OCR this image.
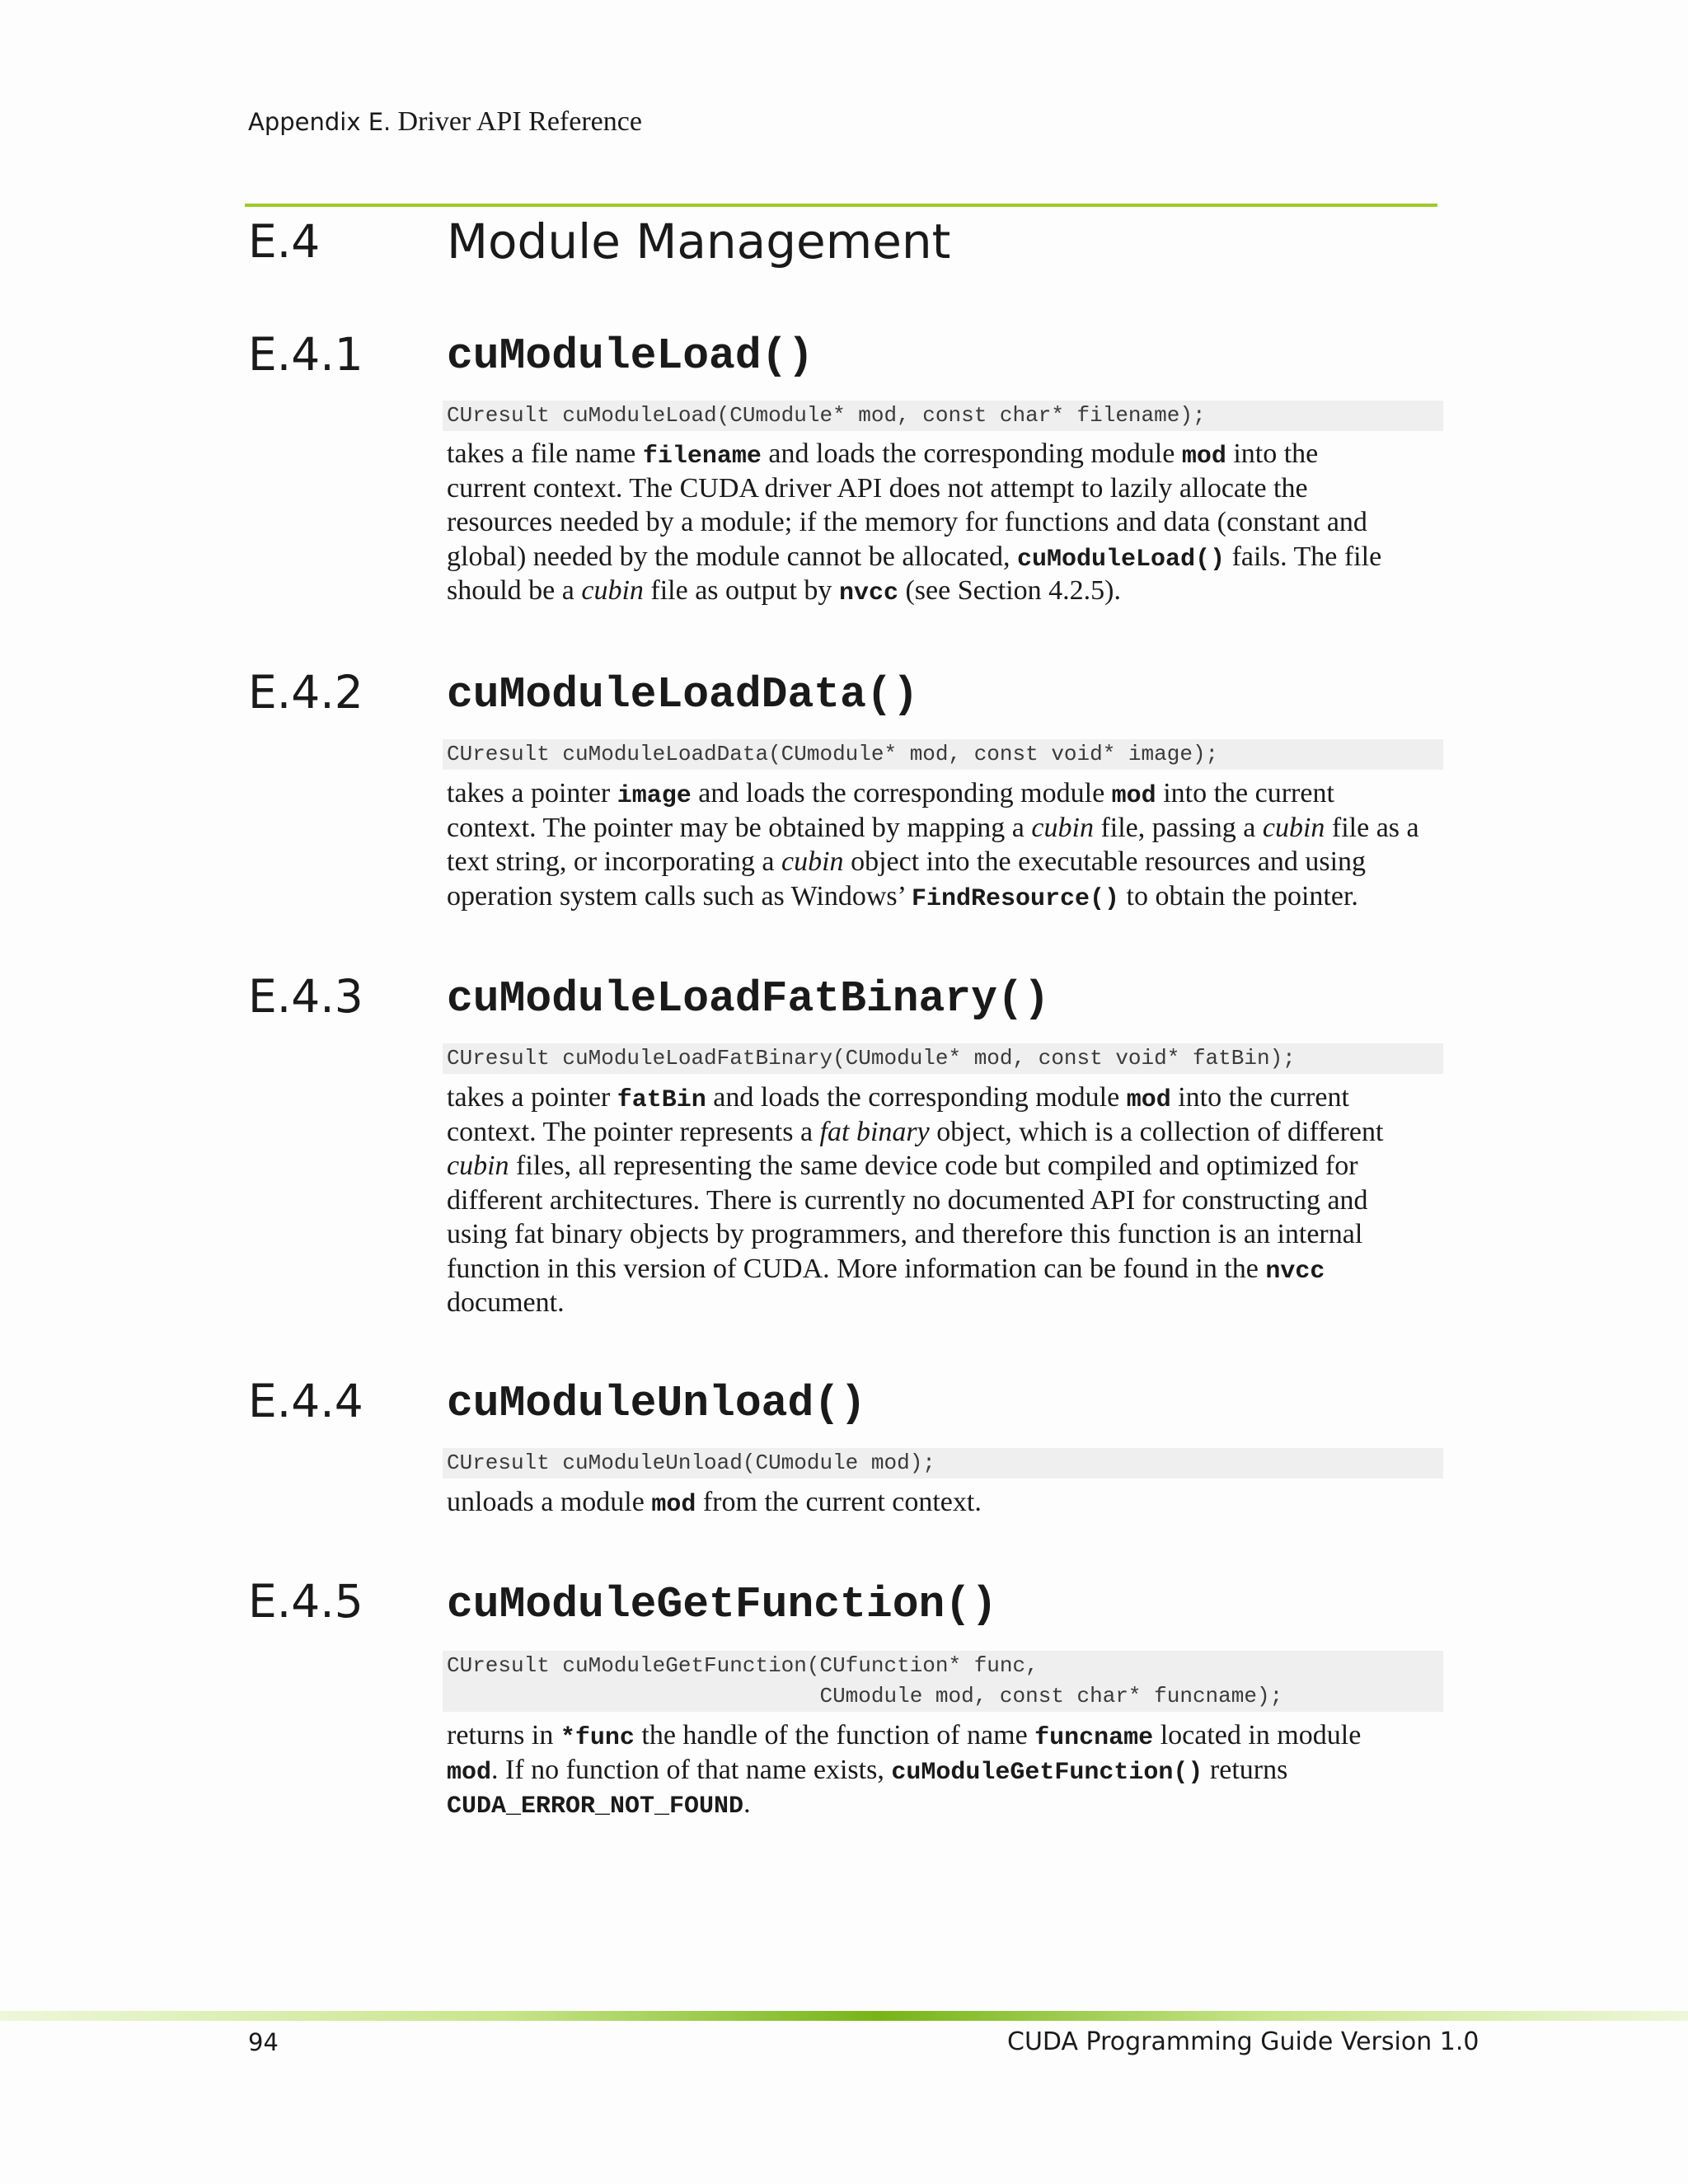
Appendix E. Driver API Reference
E.4	Module Management
E.4.1 cuModuleLoad()
CUresult cuModuleLoad(CUmodule* mod, const char* filename);
takes a file name filename and loads the corresponding module mod into the
current context. The CUDA driver API does not attempt to lazily allocate the
resources needed by a module; if the memory for functions and data (constant and
global) needed by the module cannot be allocated, cuModuleLoad() fails. The file
should be a cubin file as output by nvcc (see Section 4.2.5).
E.4.2 cuModuleLoadData()
CUresult cuModuleLoadData(CUmodule* mod, const void* image);
takes a pointer image and loads the corresponding module mod into the current
context. The pointer may be obtained by mapping a cubin file, passing a cubin file as a
text string, or incorporating a cubin object into the executable resources and using
operation system calls such as Windows’ FindResource() to obtain the pointer.
E.4.3 cuModuleLoadFatBinary()
CUresult cuModuleLoadFatBinary(CUmodule* mod, const void* fatBin);
takes a pointer fatBin and loads the corresponding module mod into the current
context. The pointer represents a fat binary object, which is a collection of different
cubin files, all representing the same device code but compiled and optimized for
different architectures. There is currently no documented API for constructing and
using fat binary objects by programmers, and therefore this function is an internal
function in this version of CUDA. More information can be found in the nvcc
document.
E.4.4 cuModuleUnload()
CUresult cuModuleUnload(CUmodule mod);
unloads a module mod from the current context.
E.4.5 cuModuleGetFunction()
CUresult cuModuleGetFunction(CUfunction* func,
CUmodule mod, const char* funcname);
returns in *func the handle of the function of name funcname located in module
mod. If no function of that name exists, cuModuleGetFunction() returns
CUDA_ERROR_NOT_FOUND.
94	CUDA Programming Guide Version 1.0
